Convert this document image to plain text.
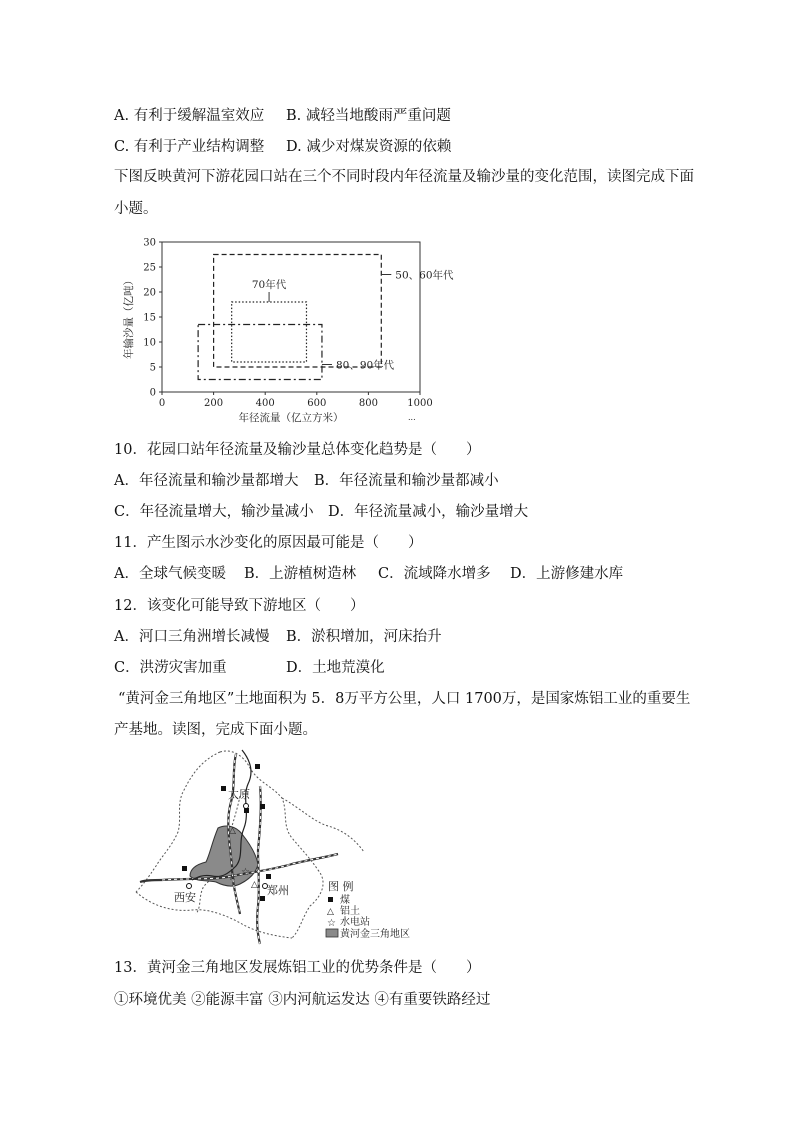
A. 有利于缓解温室效应 B. 减轻当地酸雨严重问题
C. 有利于产业结构调整 D. 减少对煤炭资源的依赖
下图反映黄河下游花园口站在三个不同时段内年径流量及输沙量的变化范围，读图完成下面
小题。
0
5
10
15
20
25
30
0	200	400	600	800	1000
年径流量（亿立方米）
年输沙量（亿吨）	50、60年代
70年代
80、90年代
...
10．花园口站年径流量及输沙量总体变化趋势是（　　）
A．年径流量和输沙量都增大 B．年径流量和输沙量都减小
C．年径流量增大，输沙量减小 D．年径流量减小，输沙量增大
11．产生图示水沙变化的原因最可能是（　　）
A．全球气候变暖 B．上游植树造林 C．流域降水增多 D．上游修建水库
12．该变化可能导致下游地区（　　）
A．河口三角洲增长减慢 B．淤积增加，河床抬升
C．洪涝灾害加重	D．土地荒漠化
“黄河金三角地区”土地面积为 5．8万平方公里，人口 1700万，是国家炼铝工业的重要生
产基地。读图，完成下面小题。
△
△
☆ ☆
太原
西安
郑州	图 例
煤
△ 铝土
☆ 水电站
黄河金三角地区
13．黄河金三角地区发展炼铝工业的优势条件是（　　）
①环境优美 ②能源丰富 ③内河航运发达 ④有重要铁路经过
